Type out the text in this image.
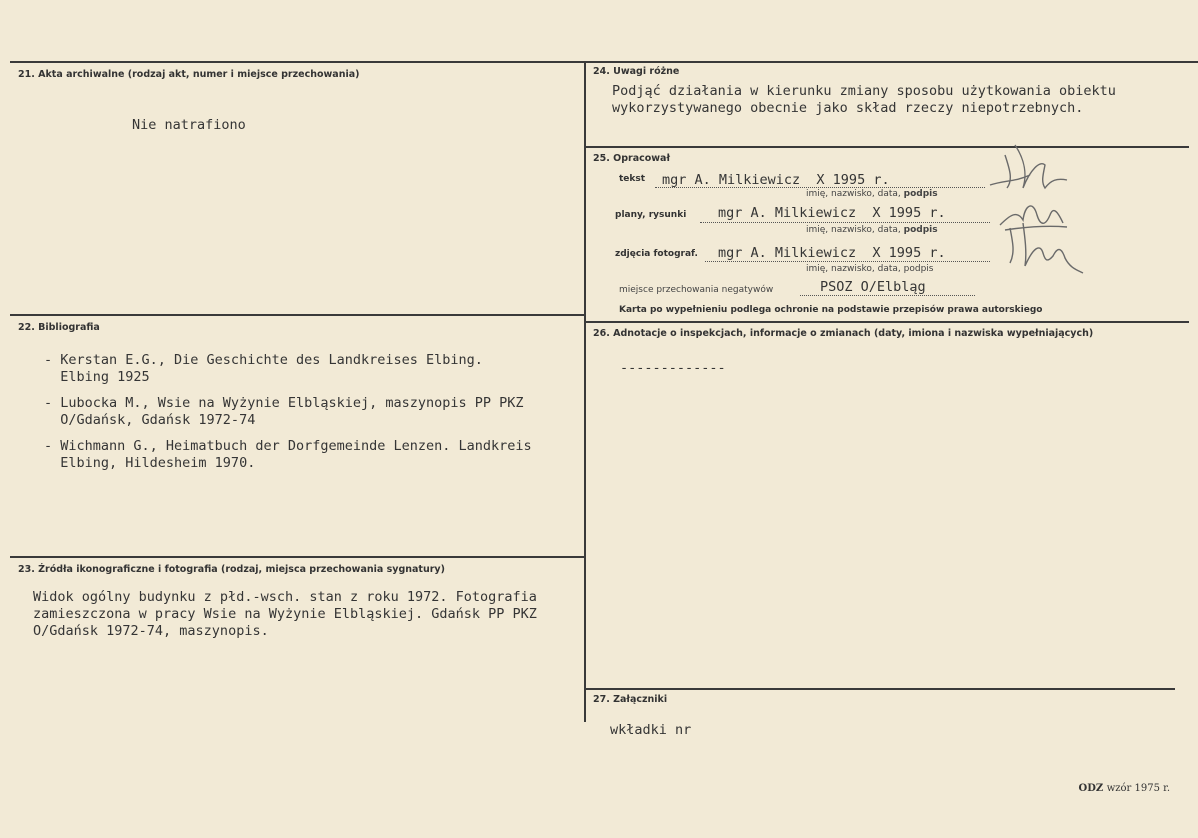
21. Akta archiwalne (rodzaj akt, numer i miejsce przechowania)
Nie natrafiono
22. Bibliografia
- Kerstan E.G., Die Geschichte des Landkreises Elbing.
Elbing 1925
- Lubocka M., Wsie na Wyżynie Elbląskiej, maszynopis PP PKZ
O/Gdańsk, Gdańsk 1972-74
- Wichmann G., Heimatbuch der Dorfgemeinde Lenzen. Landkreis
Elbing, Hildesheim 1970.
23. Źródła ikonograficzne i fotografia (rodzaj, miejsca przechowania sygnatury)
Widok ogólny budynku z płd.-wsch. stan z roku 1972. Fotografia
zamieszczona w pracy Wsie na Wyżynie Elbląskiej. Gdańsk PP PKZ
O/Gdańsk 1972-74, maszynopis.
24. Uwagi różne
Podjąć działania w kierunku zmiany sposobu użytkowania obiektu
wykorzystywanego obecnie jako skład rzeczy niepotrzebnych.
25. Opracował
tekst mgr A. Milkiewicz  X 1995 r.
imię, nazwisko, data, podpis
plany, rysunki mgr A. Milkiewicz  X 1995 r.
imię, nazwisko, data, podpis
zdjęcia fotograf. mgr A. Milkiewicz  X 1995 r.
imię, nazwisko, data, podpis
miejsce przechowania negatywów	PSOZ O/Elbląg
Karta po wypełnieniu podlega ochronie na podstawie przepisów prawa autorskiego
26. Adnotacje o inspekcjach, informacje o zmianach (daty, imiona i nazwiska wypełniających)
-------------
27. Załączniki
wkładki nr
ODZ wzór 1975 r.
